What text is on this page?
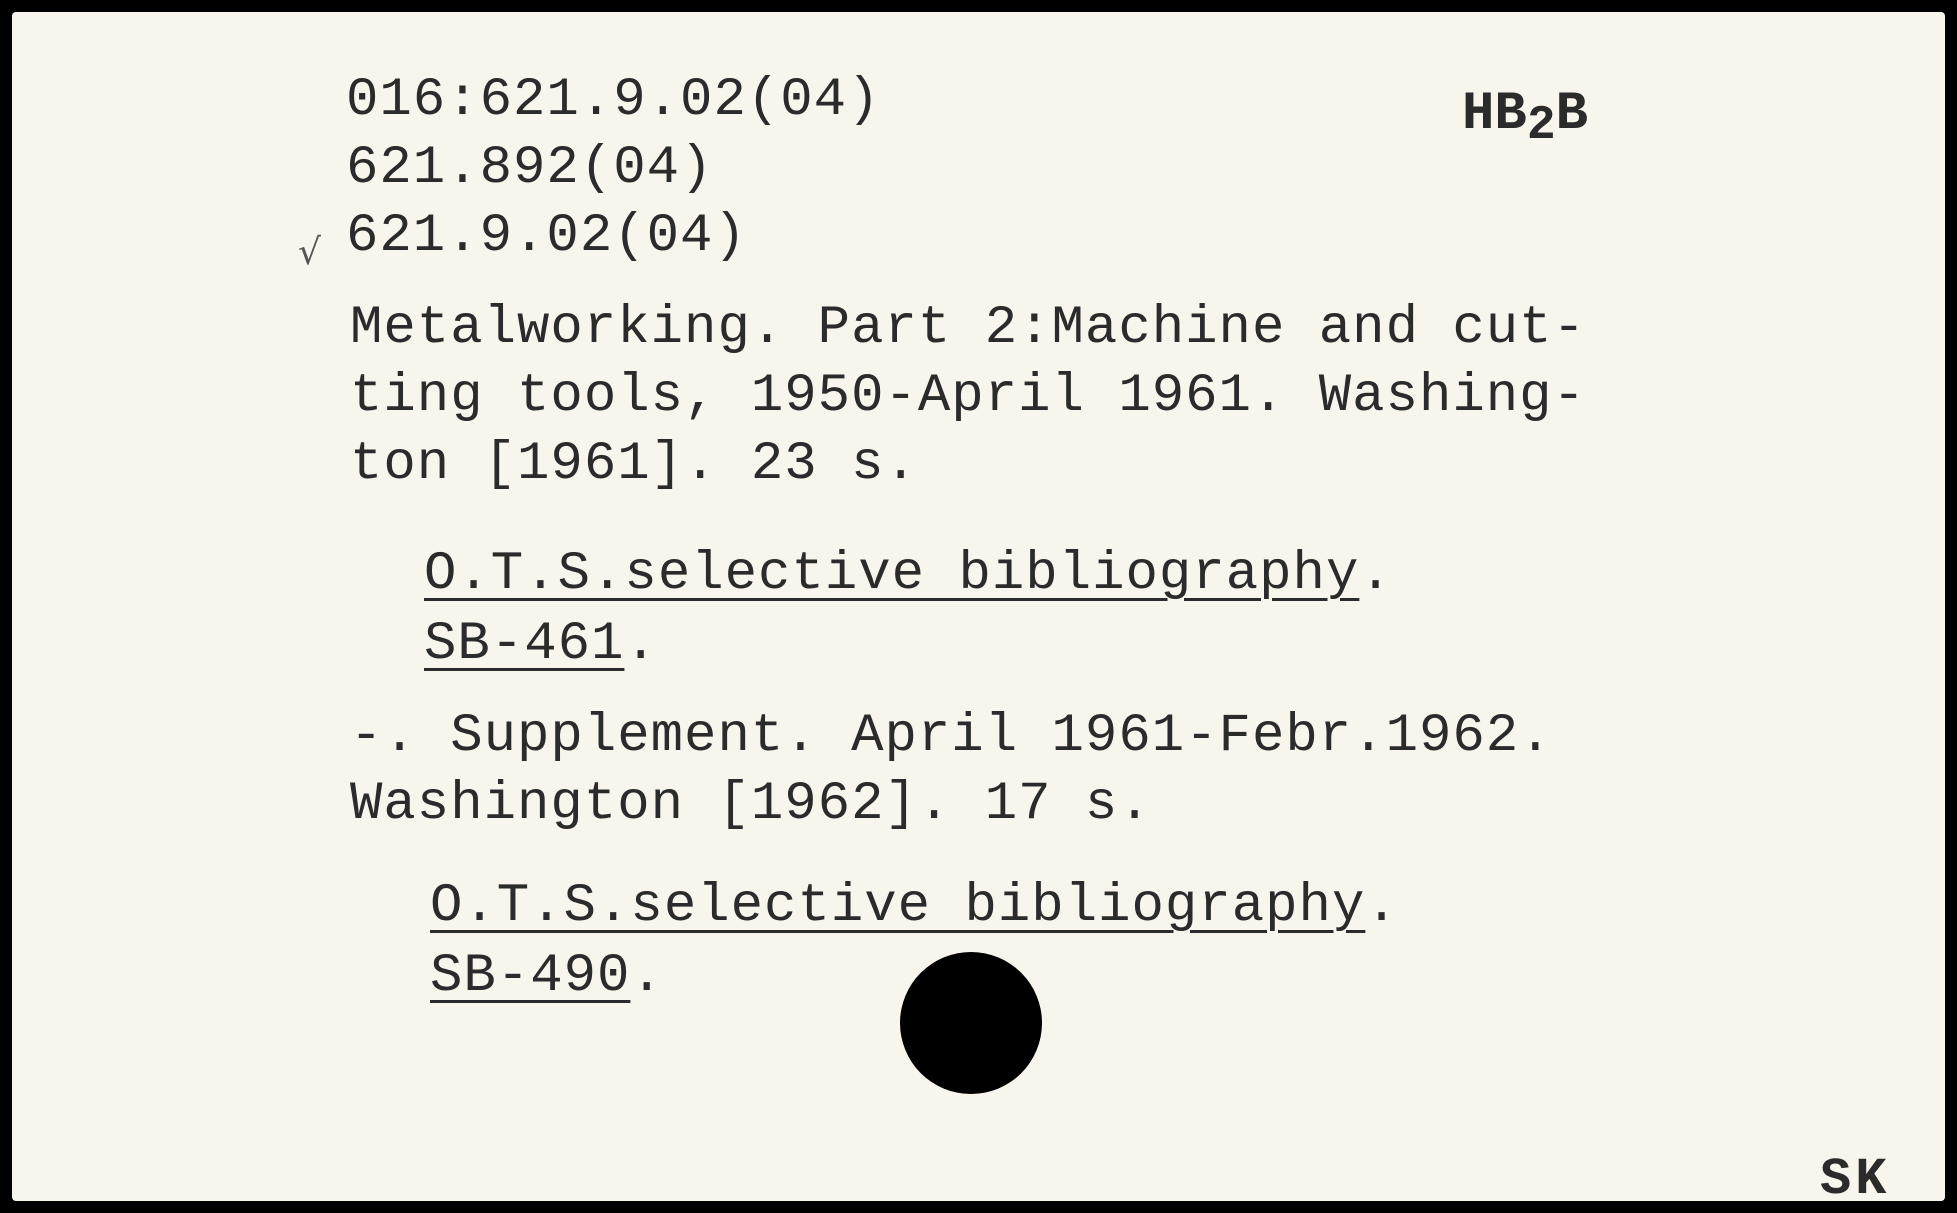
016:621.9.02(04)
621.892(04)
√ 621.9.02(04)
HB2B
Metalworking. Part 2:Machine and cut-
ting tools, 1950-April 1961. Washing-
ton [1961]. 23 s.
O.T.S.selective bibliography.
SB-461.
-. Supplement. April 1961-Febr.1962.
Washington [1962]. 17 s.
O.T.S.selective bibliography.
SB-490.
SK
